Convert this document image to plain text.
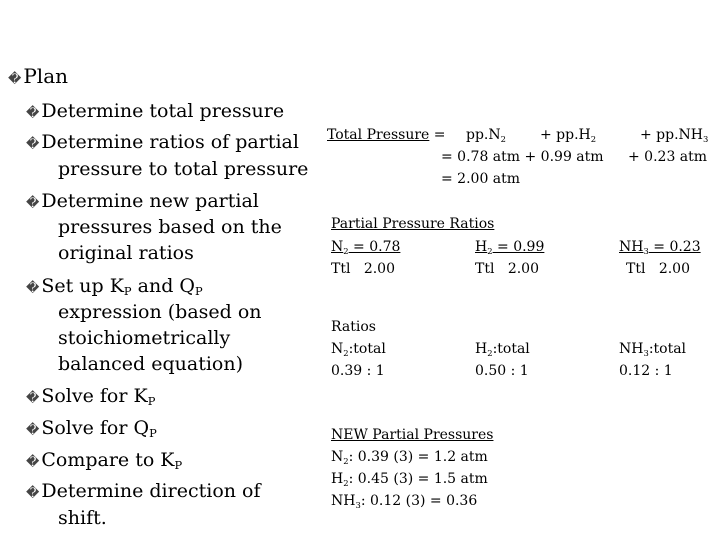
� Plan
� Determine total pressure
� Determine ratios of partial
pressure to total pressure
� Determine new partial
pressures based on the
original ratios
� Set up $K_P$ and $Q_P$
expression (based on
stoichiometrically
balanced equation)
� Solve for $K_P$
� Solve for $Q_P$
� Compare to $K_P$
� Determine direction of
shift.
Total Pressure = $pp.N_2 + pp.H_2$	+ $pp.NH_3$
= 0.78 atm + 0.99 atm + 0.23 atm
= 2.00 atm
Partial Pressure Ratios
$N_2 = 0.78$	$H_2 = 0.99$	$NH_3 = 0.23$
Ttl 2.00	Ttl 2.00	Ttl 2.00
Ratios
$N_2:total$	$H_2:total$	$NH_3:total$
0.39 : 1	0.50 : 1	0.12 : 1
NEW Partial Pressures
$N_2$: 0.39 (3) = 1.2 atm
$H_2$: 0.45 (3) = 1.5 atm
$NH_3$: 0.12 (3) = 0.36
